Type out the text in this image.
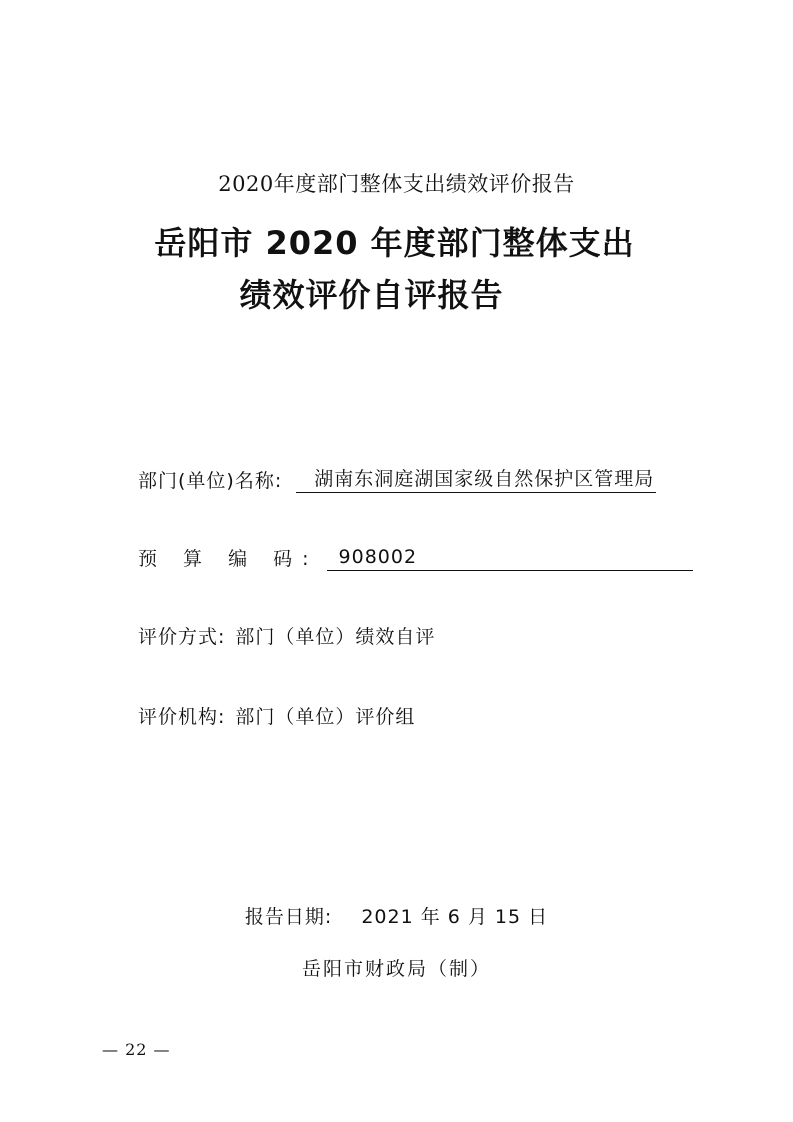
2020年度部门整体支出绩效评价报告
岳阳市 2020 年度部门整体支出
绩效评价自评报告
部门(单位)名称:	湖南东洞庭湖国家级自然保护区管理局
预 算 编 码:	908002
评价方式: 部门（单位）绩效自评
评价机构: 部门（单位）评价组
报告日期: 2021 年 6 月 15 日
岳阳市财政局（制）
— 22 —
